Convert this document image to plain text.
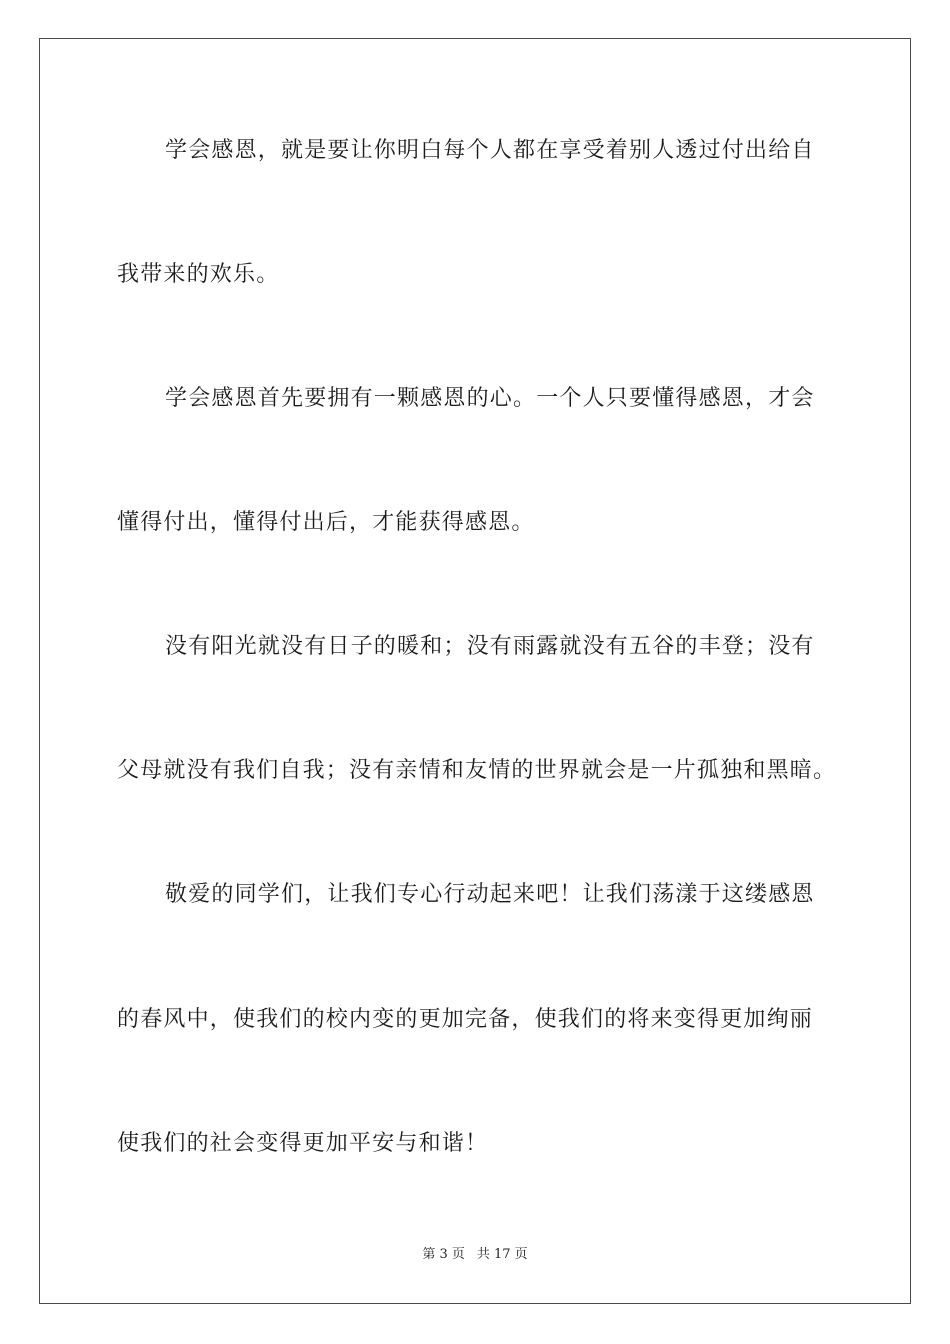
学会感恩，就是要让你明白每个人都在享受着别人透过付出给自
我带来的欢乐。
学会感恩首先要拥有一颗感恩的心。一个人只要懂得感恩，才会
懂得付出，懂得付出后，才能获得感恩。
没有阳光就没有日子的暖和；没有雨露就没有五谷的丰登；没有
父母就没有我们自我；没有亲情和友情的世界就会是一片孤独和黑暗。
敬爱的同学们，让我们专心行动起来吧！让我们荡漾于这缕感恩
的春风中，使我们的校内变的更加完备，使我们的将来变得更加绚丽
使我们的社会变得更加平安与和谐！
第 3 页 共 17 页
